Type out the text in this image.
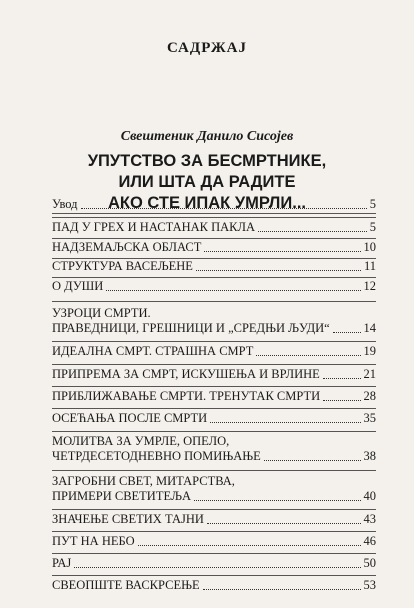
САДРЖАЈ
Свештеник Данило Сисојев
УПУТСТВО ЗА БЕСМРТНИКЕ,
ИЛИ ШТА ДА РАДИТЕ
АКО СТЕ ИПАК УМРЛИ...
Увод	5
ПАД У ГРЕХ И НАСТАНАК ПАКЛА	5
НАДЗЕМАЉСКА ОБЛАСТ	10
СТРУКТУРА ВАСЕЉЕНЕ	11
О ДУШИ	12
УЗРОЦИ СМРТИ.
ПРАВЕДНИЦИ, ГРЕШНИЦИ И „СРЕДЊИ ЉУДИ“	14
ИДЕАЛНА СМРТ. СТРАШНА СМРТ	19
ПРИПРЕМА ЗА СМРТ, ИСКУШЕЊА И ВРЛИНЕ	21
ПРИБЛИЖАВАЊЕ СМРТИ. ТРЕНУТАК СМРТИ	28
ОСЕЋАЊА ПОСЛЕ СМРТИ	35
МОЛИТВА ЗА УМРЛЕ, ОПЕЛО,
ЧЕТРДЕСЕТОДНЕВНО ПОМИЊАЊЕ	38
ЗАГРОБНИ СВЕТ, МИТАРСТВА,
ПРИМЕРИ СВЕТИТЕЉА	40
ЗНАЧЕЊЕ СВЕТИХ ТАЈНИ	43
ПУТ НА НЕБО	46
РАЈ	50
СВЕОПШТЕ ВАСКРСЕЊЕ	53
